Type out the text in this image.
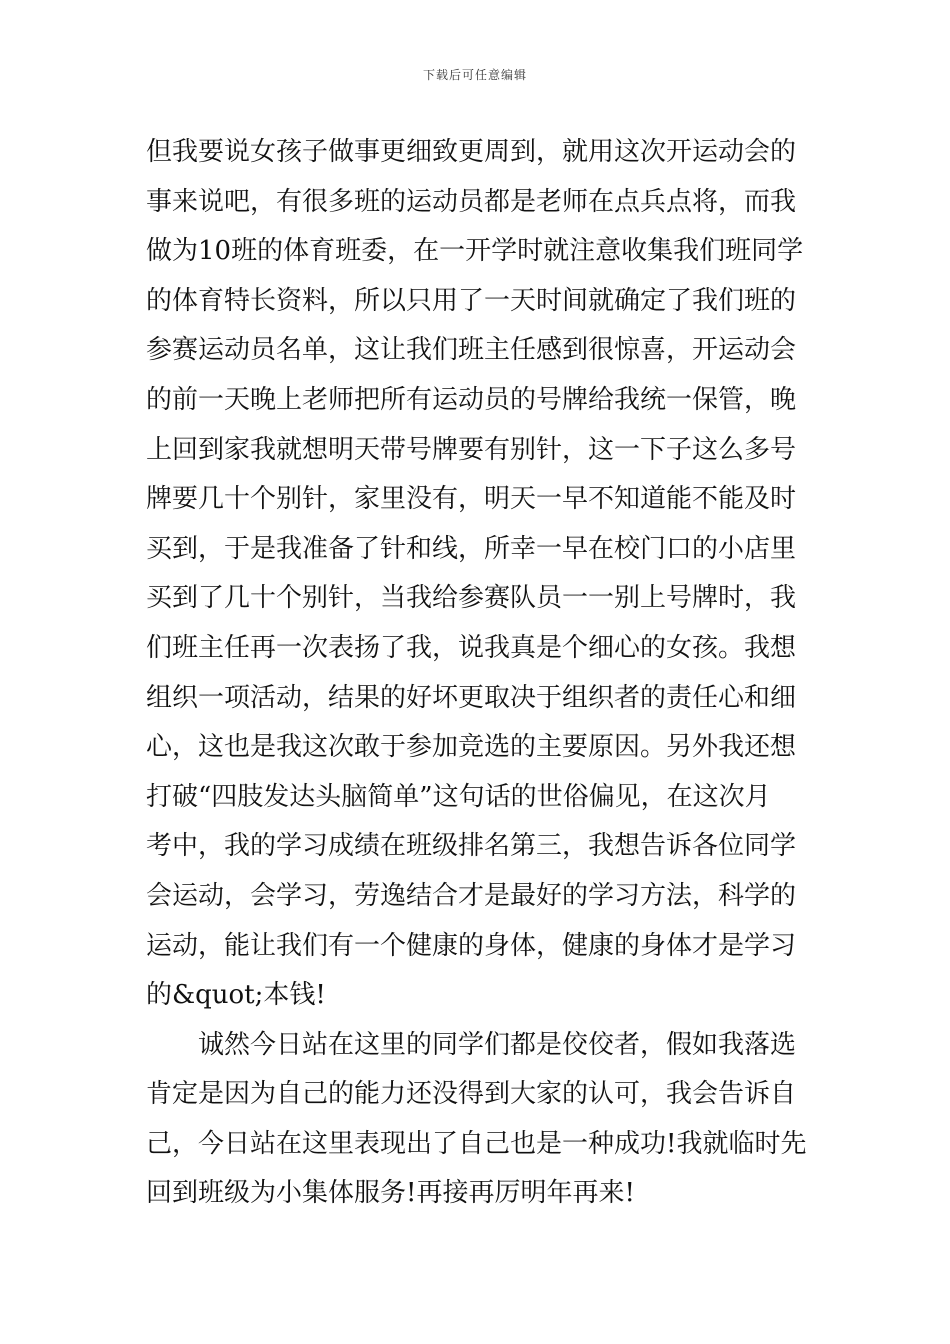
下载后可任意编辑
但我要说女孩子做事更细致更周到，就用这次开运动会的
事来说吧，有很多班的运动员都是老师在点兵点将，而我
做为10班的体育班委，在一开学时就注意收集我们班同学
的体育特长资料，所以只用了一天时间就确定了我们班的
参赛运动员名单，这让我们班主任感到很惊喜，开运动会
的前一天晚上老师把所有运动员的号牌给我统一保管，晚
上回到家我就想明天带号牌要有别针，这一下子这么多号
牌要几十个别针，家里没有，明天一早不知道能不能及时
买到，于是我准备了针和线，所幸一早在校门口的小店里
买到了几十个别针，当我给参赛队员一一别上号牌时，我
们班主任再一次表扬了我，说我真是个细心的女孩。我想
组织一项活动，结果的好坏更取决于组织者的责任心和细
心，这也是我这次敢于参加竞选的主要原因。另外我还想
打破“四肢发达头脑简单”这句话的世俗偏见，在这次月
考中，我的学习成绩在班级排名第三，我想告诉各位同学
会运动，会学习，劳逸结合才是最好的学习方法，科学的
运动，能让我们有一个健康的身体，健康的身体才是学习
的&quot;本钱!
诚然今日站在这里的同学们都是佼佼者，假如我落选
肯定是因为自己的能力还没得到大家的认可，我会告诉自
己，今日站在这里表现出了自己也是一种成功!我就临时先
回到班级为小集体服务!再接再厉明年再来!
